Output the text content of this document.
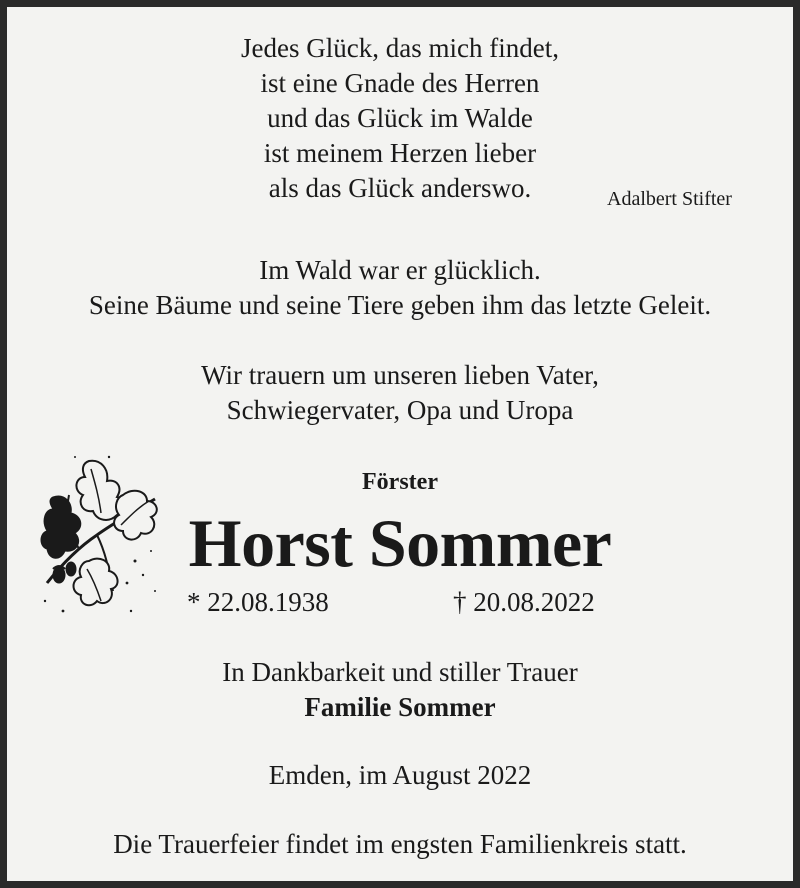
Jedes Glück, das mich findet,
ist eine Gnade des Herren
und das Glück im Walde
ist meinem Herzen lieber
als das Glück anderswo.	Adalbert Stifter
Im Wald war er glücklich.
Seine Bäume und seine Tiere geben ihm das letzte Geleit.
Wir trauern um unseren lieben Vater,
Schwiegervater, Opa und Uropa
Förster
Horst Sommer
* 22.08.1938	† 20.08.2022
In Dankbarkeit und stiller Trauer
Familie Sommer
Emden, im August 2022
Die Trauerfeier findet im engsten Familienkreis statt.
